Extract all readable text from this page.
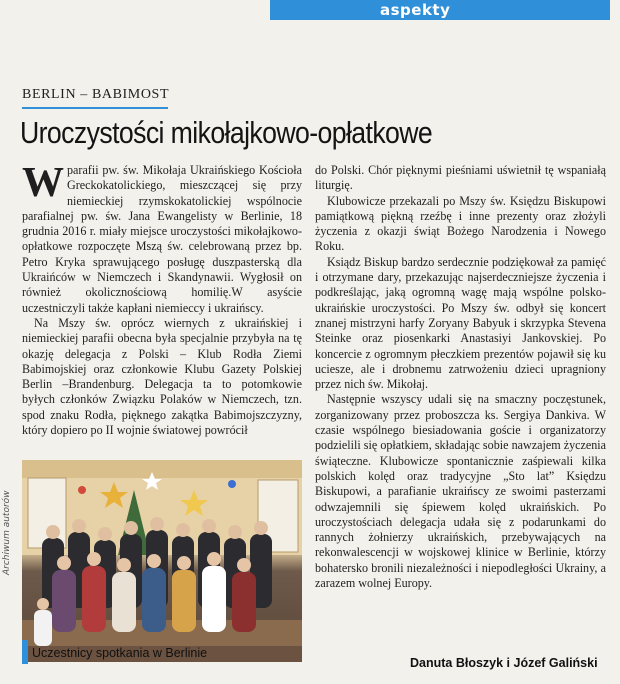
aspekty
BERLIN – BABIMOST
Uroczystości mikołajkowo-opłatkowe

W parafii pw. św. Mikołaja Ukraińskiego Kościoła Greckokatolickiego, mieszczącej się przy niemieckiej rzymskokatolickiej wspólnocie parafialnej pw. św. Jana Ewangelisty w Berlinie, 18 grudnia 2016 r. miały miejsce uroczystości mikołajkowo-opłatkowe rozpoczęte Mszą św. celebrowaną przez bp. Petro Kryka sprawującego posługę duszpasterską dla Ukraińców w Niemczech i Skandynawii. Wygłosił on również okolicznościową homilię.W asyście uczestniczyli także kapłani niemieccy i ukraińscy.

Na Mszy św. oprócz wiernych z ukraińskiej i niemieckiej parafii obecna była specjalnie przybyła na tę okazję delegacja z Polski – Klub Rodła Ziemi Babimojskiej oraz członkowie Klubu Gazety Polskiej Berlin –Brandenburg. Delegacja ta to potomkowie byłych członków Związku Polaków w Niemczech, tzn. spod znaku Rodła, pięknego zakątka Babimojszczyzny, który dopiero po II wojnie światowej powrócił

do Polski. Chór pięknymi pieśniami uświetnił tę wspaniałą liturgię.

Klubowicze przekazali po Mszy św. Księdzu Biskupowi pamiątkową piękną rzeźbę i inne prezenty oraz złożyli życzenia z okazji świąt Bożego Narodzenia i Nowego Roku.

Ksiądz Biskup bardzo serdecznie podziękował za pamięć i otrzymane dary, przekazując najserdeczniejsze życzenia i podkreślając, jaką ogromną wagę mają wspólne polsko-ukraińskie uroczystości. Po Mszy św. odbył się koncert znanej mistrzyni harfy Zoryany Babyuk i skrzypka Stevena Steinke oraz piosenkarki Anastasiyi Jankovskiej. Po koncercie z ogromnym płeczkiem prezentów pojawił się ku uciesze, ale i drobnemu zatrwożeniu dzieci upragniony przez nich św. Mikołaj.

Następnie wszyscy udali się na smaczny poczęstunek, zorganizowany przez proboszcza ks. Sergiya Dankiva. W czasie wspólnego biesiadowania goście i organizatorzy podzielili się opłatkiem, składając sobie nawzajem życzenia świąteczne. Klubowicze spontanicznie zaśpiewali kilka polskich kolęd oraz tradycyjne „Sto lat” Księdzu Biskupowi, a parafianie ukraińscy ze swoimi pasterzami odwzajemnili się śpiewem kolęd ukraińskich. Po uroczystościach delegacja udała się z podarunkami do rannych żołnierzy ukraińskich, przebywających na rekonwalescencji w wojskowej klinice w Berlinie, którzy bohatersko bronili niezależności i niepodległości Ukrainy, a zarazem wolnej Europy.

Archiwum autorów
Uczestnicy spotkania w Berlinie
Danuta Błoszyk i Józef Galiński
